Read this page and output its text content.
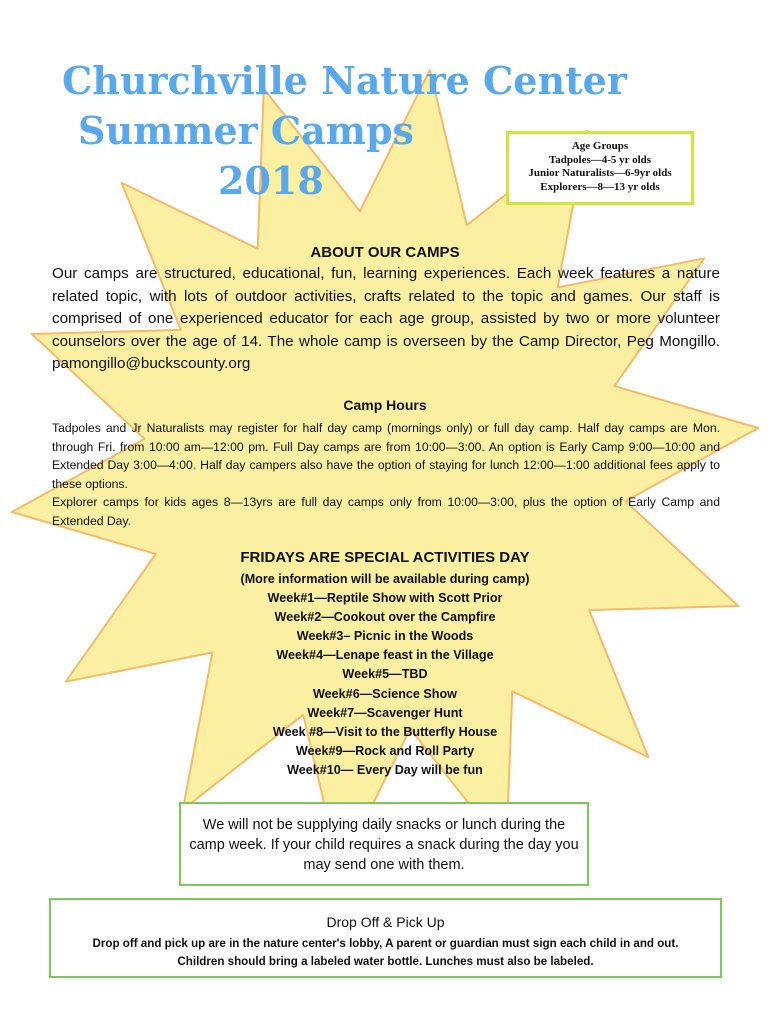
Churchville Nature Center
Summer Camps
2018
Age Groups
Tadpoles—4-5 yr olds
Junior Naturalists—6-9yr olds
Explorers—8—13 yr olds
ABOUT OUR CAMPS
Our camps are structured, educational, fun, learning experiences. Each week features a nature related topic, with lots of outdoor activities, crafts related to the topic and games. Our staff is comprised of one experienced educator for each age group, assisted by two or more volunteer counselors over the age of 14. The whole camp is overseen by the Camp Director, Peg Mongillo. pamongillo@buckscounty.org
Camp Hours
Tadpoles and Jr Naturalists may register for half day camp (mornings only) or full day camp. Half day camps are Mon. through Fri. from 10:00 am—12:00 pm. Full Day camps are from 10:00—3:00. An option is Early Camp 9:00—10:00 and Extended Day 3:00—4:00. Half day campers also have the option of staying for lunch 12:00—1:00 additional fees apply to these options.
Explorer camps for kids ages 8—13yrs are full day camps only from 10:00—3:00, plus the option of Early Camp and Extended Day.
FRIDAYS ARE SPECIAL ACTIVITIES DAY
(More information will be available during camp)
Week#1—Reptile Show with Scott Prior
Week#2—Cookout over the Campfire
Week#3– Picnic in the Woods
Week#4—Lenape feast in the Village
Week#5—TBD
Week#6—Science Show
Week#7—Scavenger Hunt
Week #8—Visit to the Butterfly House
Week#9—Rock and Roll Party
Week#10— Every Day will be fun
We will not be supplying daily snacks or lunch during the camp week. If your child requires a snack during the day you may send one with them.
Drop Off & Pick Up
Drop off and pick up are in the nature center's lobby, A parent or guardian must sign each child in and out.
Children should bring a labeled water bottle. Lunches must also be labeled.
